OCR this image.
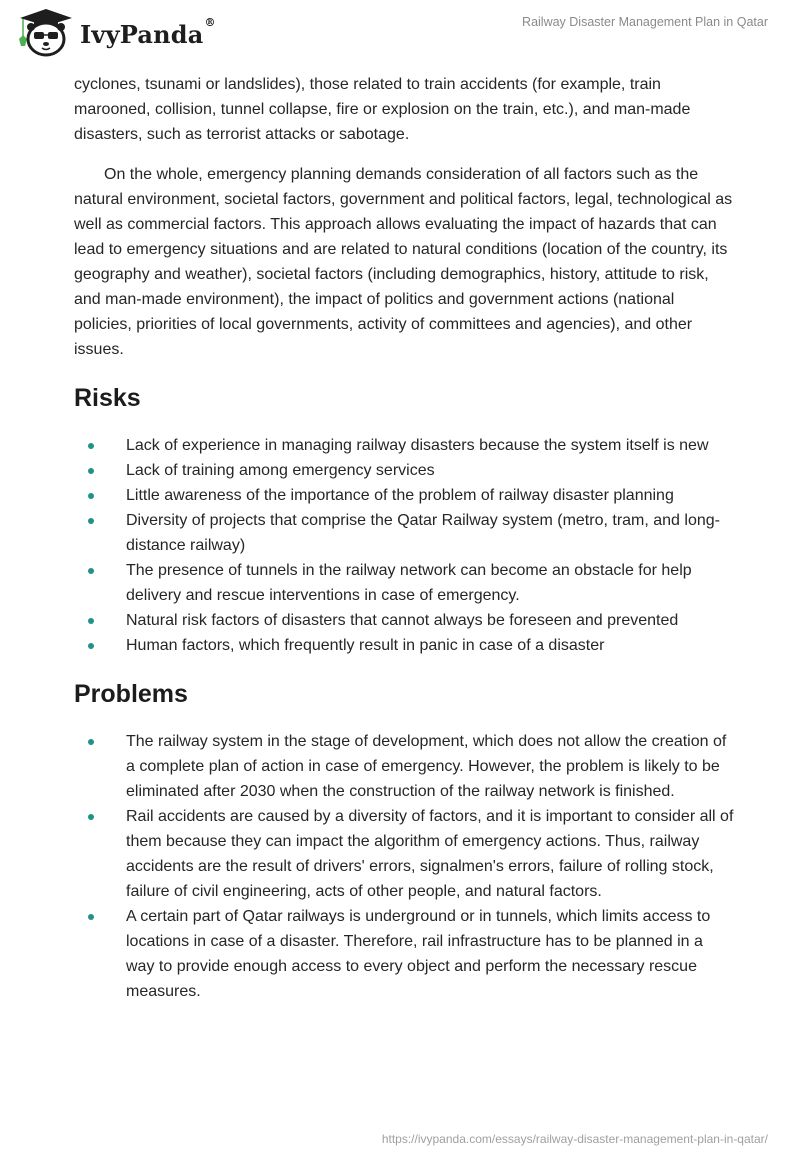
IvyPanda®	Railway Disaster Management Plan in Qatar

cyclones, tsunami or landslides), those related to train accidents (for example, train marooned, collision, tunnel collapse, fire or explosion on the train, etc.), and man-made disasters, such as terrorist attacks or sabotage.

On the whole, emergency planning demands consideration of all factors such as the natural environment, societal factors, government and political factors, legal, technological as well as commercial factors. This approach allows evaluating the impact of hazards that can lead to emergency situations and are related to natural conditions (location of the country, its geography and weather), societal factors (including demographics, history, attitude to risk, and man-made environment), the impact of politics and government actions (national policies, priorities of local governments, activity of committees and agencies), and other issues.

Risks
Lack of experience in managing railway disasters because the system itself is new
Lack of training among emergency services
Little awareness of the importance of the problem of railway disaster planning
Diversity of projects that comprise the Qatar Railway system (metro, tram, and long-distance railway)
The presence of tunnels in the railway network can become an obstacle for help delivery and rescue interventions in case of emergency.
Natural risk factors of disasters that cannot always be foreseen and prevented
Human factors, which frequently result in panic in case of a disaster
Problems
The railway system in the stage of development, which does not allow the creation of a complete plan of action in case of emergency. However, the problem is likely to be eliminated after 2030 when the construction of the railway network is finished.
Rail accidents are caused by a diversity of factors, and it is important to consider all of them because they can impact the algorithm of emergency actions. Thus, railway accidents are the result of drivers' errors, signalmen's errors, failure of rolling stock, failure of civil engineering, acts of other people, and natural factors.
A certain part of Qatar railways is underground or in tunnels, which limits access to locations in case of a disaster. Therefore, rail infrastructure has to be planned in a way to provide enough access to every object and perform the necessary rescue measures.
https://ivypanda.com/essays/railway-disaster-management-plan-in-qatar/
